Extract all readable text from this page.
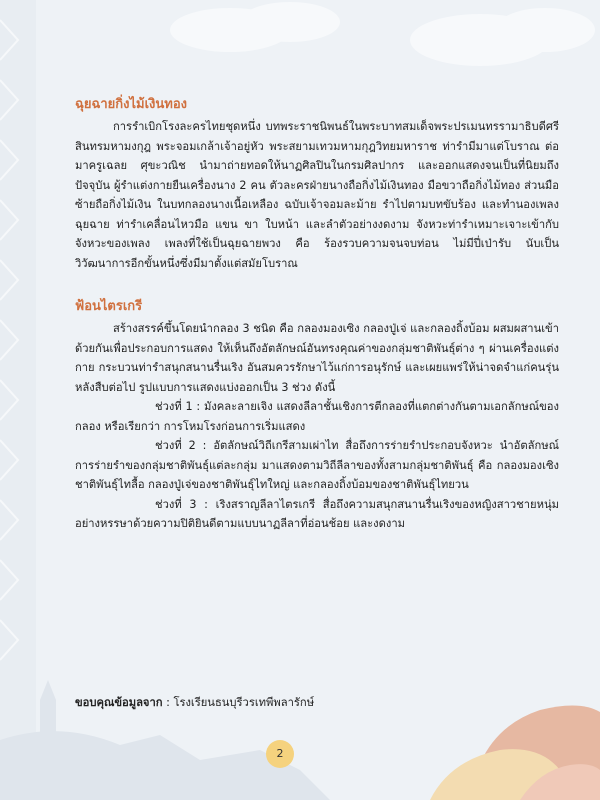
ฉุยฉายกิ่งไม้เงินทอง

การรำเบิกโรงละครไทยชุดหนึ่ง บทพระราชนิพนธ์ในพระบาทสมเด็จพระปรเมนทรรามาธิบดีศรีสินทรมหามงกุฎ พระจอมเกล้าเจ้าอยู่หัว พระสยามเทวมหามกุฎวิทยมหาราช ท่ารำมีมาแต่โบราณ ต่อมาครูเฉลย ศุขะวณิช นำมาถ่ายทอดให้นาฏศิลปินในกรมศิลปากร และออกแสดงจนเป็นที่นิยมถึงปัจจุบัน ผู้รำแต่งกายยืนเครื่องนาง 2 คน ตัวละครฝ่ายนางถือกิ่งไม้เงินทอง มือขวาถือกิ่งไม้ทอง ส่วนมือซ้ายถือกิ่งไม้เงิน ในบทกลองนางเนื้อเหลือง ฉบับเจ้าจอมละม้าย รำไปตามบทขับร้อง และทำนองเพลงฉุยฉาย ท่ารำเคลื่อนไหวมือ แขน ขา ใบหน้า และลำตัวอย่างงดงาม จังหวะท่ารำเหมาะเจาะเข้ากับจังหวะของเพลง เพลงที่ใช้เป็นฉุยฉายพวง คือ ร้องรวบความจนจบท่อน ไม่มีปี่เป่ารับ นับเป็นวิวัฒนาการอีกขั้นหนึ่งซึ่งมีมาตั้งแต่สมัยโบราณ

ฟ้อนไตรเกรี

สร้างสรรค์ขึ้นโดยนำกลอง 3 ชนิด คือ กลองมองเซิง กลองปู่เจ่ และกลองถิ้งบ้อม ผสมผสานเข้าด้วยกันเพื่อประกอบการแสดง ให้เห็นถึงอัตลักษณ์อันทรงคุณค่าของกลุ่มชาติพันธุ์ต่าง ๆ ผ่านเครื่องแต่งกาย กระบวนท่ารำสนุกสนานรื่นเริง อันสมควรรักษาไว้แก่การอนุรักษ์ และเผยแพร่ให้น่าจดจำแก่คนรุ่นหลังสืบต่อไป รูปแบบการแสดงแบ่งออกเป็น 3 ช่วง ดังนี้

ช่วงที่ 1 : มังคละลายเจิง แสดงลีลาชั้นเชิงการตีกลองที่แตกต่างกันตามเอกลักษณ์ของกลอง หรือเรียกว่า การโหมโรงก่อนการเริ่มแสดง

ช่วงที่ 2 : อัตลักษณ์วิถีเกรีสามเผ่าไท สื่อถึงการร่ายรำประกอบจังหวะ นำอัตลักษณ์การร่ายรำของกลุ่มชาติพันธุ์แต่ละกลุ่ม มาแสดงตามวิถีลีลาของทั้งสามกลุ่มชาติพันธุ์ คือ กลองมองเซิงชาติพันธุ์ไทลื้อ กลองปู่เจ่ของชาติพันธุ์ไทใหญ่ และกลองถิ้งบ้อมของชาติพันธุ์ไทยวน

ช่วงที่ 3 : เริงสราญลีลาไตรเกรี สื่อถึงความสนุกสนานรื่นเริงของหญิงสาวชายหนุ่ม อย่างหรรษาด้วยความปิติยินดีตามแบบนาฏลีลาที่อ่อนช้อย และงดงาม

ขอบคุณข้อมูลจาก : โรงเรียนธนบุรีวรเทพีพลารักษ์
2
